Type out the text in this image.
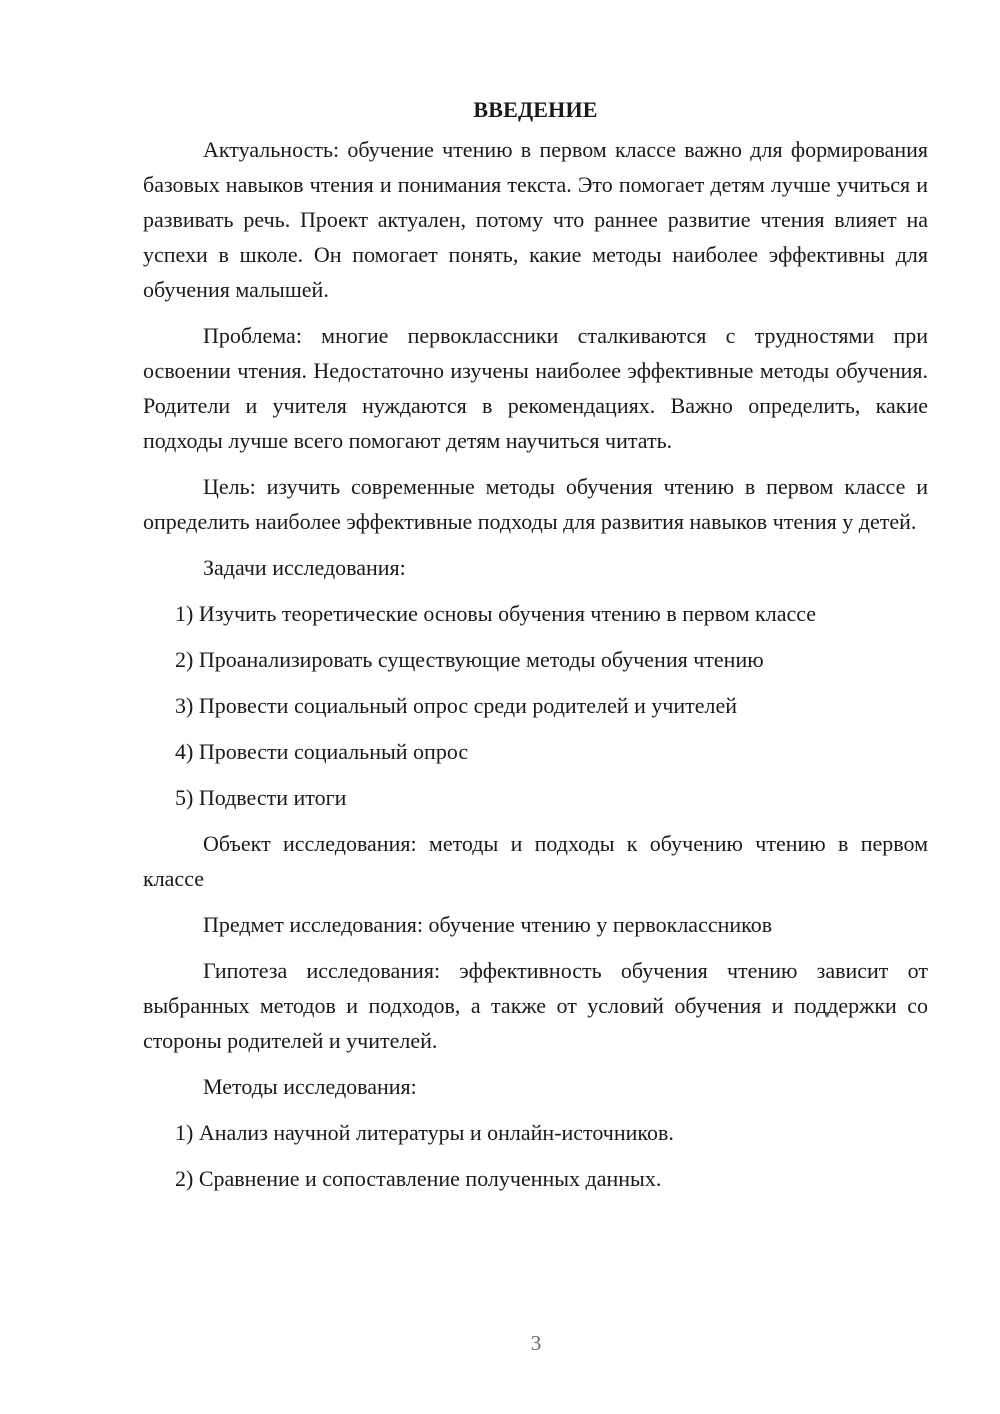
ВВЕДЕНИЕ

Актуальность: обучение чтению в первом классе важно для формирования базовых навыков чтения и понимания текста. Это помогает детям лучше учиться и развивать речь. Проект актуален, потому что раннее развитие чтения влияет на успехи в школе. Он помогает понять, какие методы наиболее эффективны для обучения малышей.

Проблема: многие первоклассники сталкиваются с трудностями при освоении чтения. Недостаточно изучены наиболее эффективные методы обучения. Родители и учителя нуждаются в рекомендациях. Важно определить, какие подходы лучше всего помогают детям научиться читать.

Цель: изучить современные методы обучения чтению в первом классе и определить наиболее эффективные подходы для развития навыков чтения у детей.

Задачи исследования:
1) Изучить теоретические основы обучения чтению в первом классе
2) Проанализировать существующие методы обучения чтению
3) Провести социальный опрос среди родителей и учителей
4) Провести социальный опрос
5) Подвести итоги

Объект исследования: методы и подходы к обучению чтению в первом классе

Предмет исследования: обучение чтению у первоклассников

Гипотеза исследования: эффективность обучения чтению зависит от выбранных методов и подходов, а также от условий обучения и поддержки со стороны родителей и учителей.

Методы исследования:
1) Анализ научной литературы и онлайн-источников.
2) Сравнение и сопоставление полученных данных.
3
